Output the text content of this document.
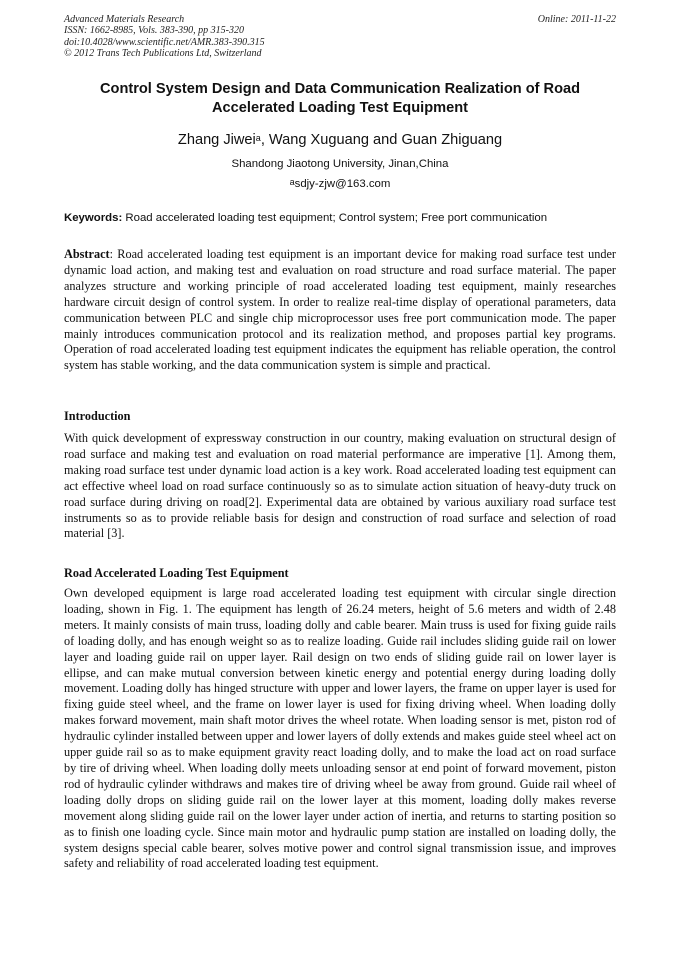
Advanced Materials Research
ISSN: 1662-8985, Vols. 383-390, pp 315-320
doi:10.4028/www.scientific.net/AMR.383-390.315
© 2012 Trans Tech Publications Ltd, Switzerland
Online: 2011-11-22
Control System Design and Data Communication Realization of Road
Accelerated Loading Test Equipment
Zhang Jiwei$^a$, Wang Xuguang and Guan Zhiguang
Shandong Jiaotong University, Jinan,China
$^a$sdjy-zjw@163.com
Keywords: Road accelerated loading test equipment; Control system; Free port communication
Abstract: Road accelerated loading test equipment is an important device for making road surface test under dynamic load action, and making test and evaluation on road structure and road surface material. The paper analyzes structure and working principle of road accelerated loading test equipment, mainly researches hardware circuit design of control system. In order to realize real-time display of operational parameters, data communication between PLC and single chip microprocessor uses free port communication mode. The paper mainly introduces communication protocol and its realization method, and proposes partial key programs. Operation of road accelerated loading test equipment indicates the equipment has reliable operation, the control system has stable working, and the data communication system is simple and practical.
Introduction
With quick development of expressway construction in our country, making evaluation on structural design of road surface and making test and evaluation on road material performance are imperative [1]. Among them, making road surface test under dynamic load action is a key work. Road accelerated loading test equipment can act effective wheel load on road surface continuously so as to simulate action situation of heavy-duty truck on road surface during driving on road[2]. Experimental data are obtained by various auxiliary road surface test instruments so as to provide reliable basis for design and construction of road surface and selection of road material [3].
Road Accelerated Loading Test Equipment
Own developed equipment is large road accelerated loading test equipment with circular single direction loading, shown in Fig. 1. The equipment has length of 26.24 meters, height of 5.6 meters and width of 2.48 meters. It mainly consists of main truss, loading dolly and cable bearer. Main truss is used for fixing guide rails of loading dolly, and has enough weight so as to realize loading. Guide rail includes sliding guide rail on lower layer and loading guide rail on upper layer. Rail design on two ends of sliding guide rail on lower layer is ellipse, and can make mutual conversion between kinetic energy and potential energy during loading dolly movement. Loading dolly has hinged structure with upper and lower layers, the frame on upper layer is used for fixing guide steel wheel, and the frame on lower layer is used for fixing driving wheel. When loading dolly makes forward movement, main shaft motor drives the wheel rotate. When loading sensor is met, piston rod of hydraulic cylinder installed between upper and lower layers of dolly extends and makes guide steel wheel act on upper guide rail so as to make equipment gravity react loading dolly, and to make the load act on road surface by tire of driving wheel. When loading dolly meets unloading sensor at end point of forward movement, piston rod of hydraulic cylinder withdraws and makes tire of driving wheel be away from ground. Guide rail wheel of loading dolly drops on sliding guide rail on the lower layer at this moment, loading dolly makes reverse movement along sliding guide rail on the lower layer under action of inertia, and returns to starting position so as to finish one loading cycle. Since main motor and hydraulic pump station are installed on loading dolly, the system designs special cable bearer, solves motive power and control signal transmission issue, and improves safety and reliability of road accelerated loading test equipment.
